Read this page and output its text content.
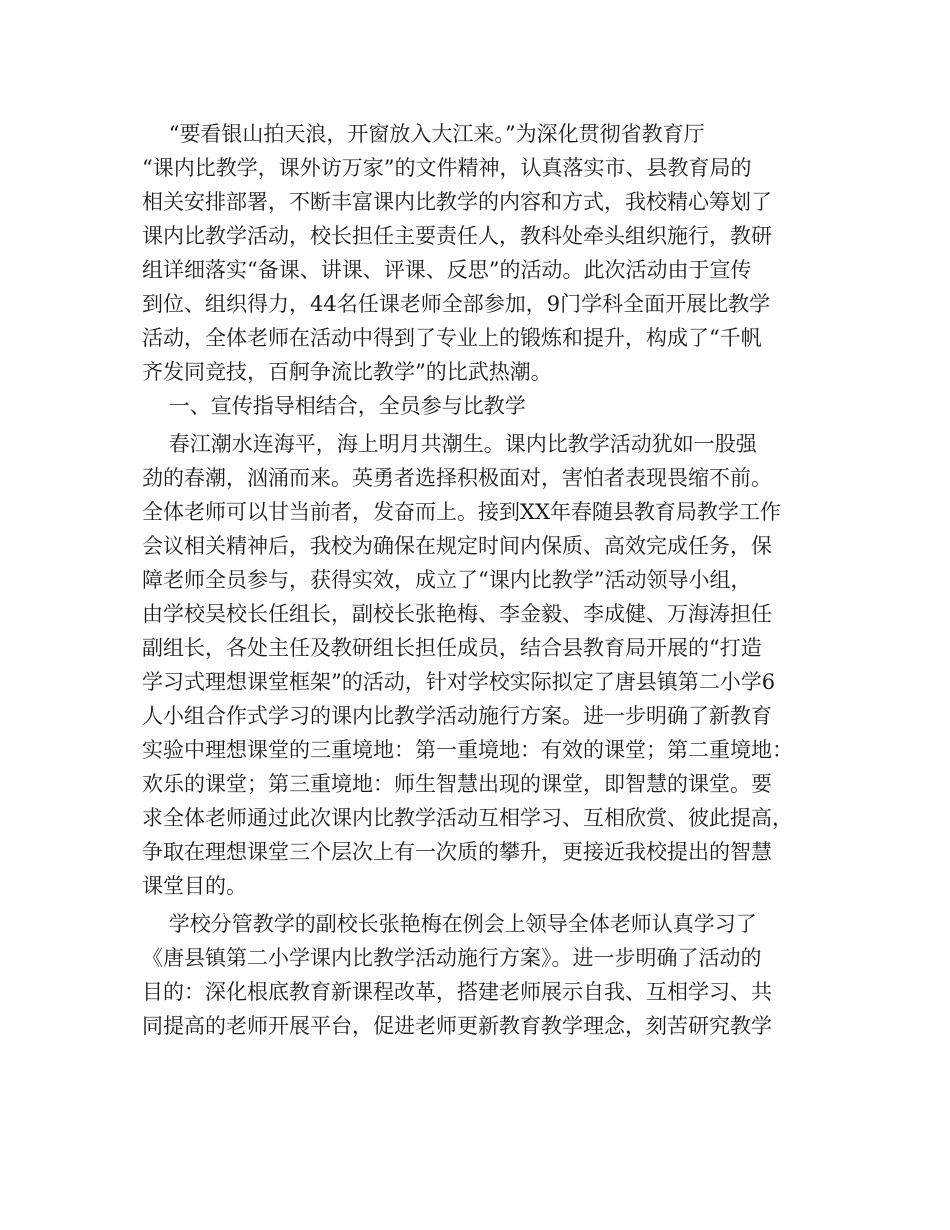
“要看银山拍天浪，开窗放入大江来。”为深化贯彻省教育厅
“课内比教学，课外访万家”的文件精神，认真落实市、县教育局的
相关安排部署，不断丰富课内比教学的内容和方式，我校精心筹划了
课内比教学活动，校长担任主要责任人，教科处牵头组织施行，教研
组详细落实“备课、讲课、评课、反思”的活动。此次活动由于宣传
到位、组织得力，44名任课老师全部参加，9门学科全面开展比教学
活动，全体老师在活动中得到了专业上的锻炼和提升，构成了“千帆
齐发同竞技，百舸争流比教学”的比武热潮。
一、宣传指导相结合，全员参与比教学
春江潮水连海平，海上明月共潮生。课内比教学活动犹如一股强
劲的春潮，汹涌而来。英勇者选择积极面对，害怕者表现畏缩不前。
全体老师可以甘当前者，发奋而上。接到XX年春随县教育局教学工作
会议相关精神后，我校为确保在规定时间内保质、高效完成任务，保
障老师全员参与，获得实效，成立了“课内比教学”活动领导小组，
由学校吴校长任组长，副校长张艳梅、李金毅、李成健、万海涛担任
副组长，各处主任及教研组长担任成员，结合县教育局开展的“打造
学习式理想课堂框架”的活动，针对学校实际拟定了唐县镇第二小学6
人小组合作式学习的课内比教学活动施行方案。进一步明确了新教育
实验中理想课堂的三重境地：第一重境地：有效的课堂；第二重境地：
欢乐的课堂；第三重境地：师生智慧出现的课堂，即智慧的课堂。要
求全体老师通过此次课内比教学活动互相学习、互相欣赏、彼此提高，
争取在理想课堂三个层次上有一次质的攀升，更接近我校提出的智慧
课堂目的。
学校分管教学的副校长张艳梅在例会上领导全体老师认真学习了
《唐县镇第二小学课内比教学活动施行方案》。进一步明确了活动的
目的：深化根底教育新课程改革，搭建老师展示自我、互相学习、共
同提高的老师开展平台，促进老师更新教育教学理念，刻苦研究教学
